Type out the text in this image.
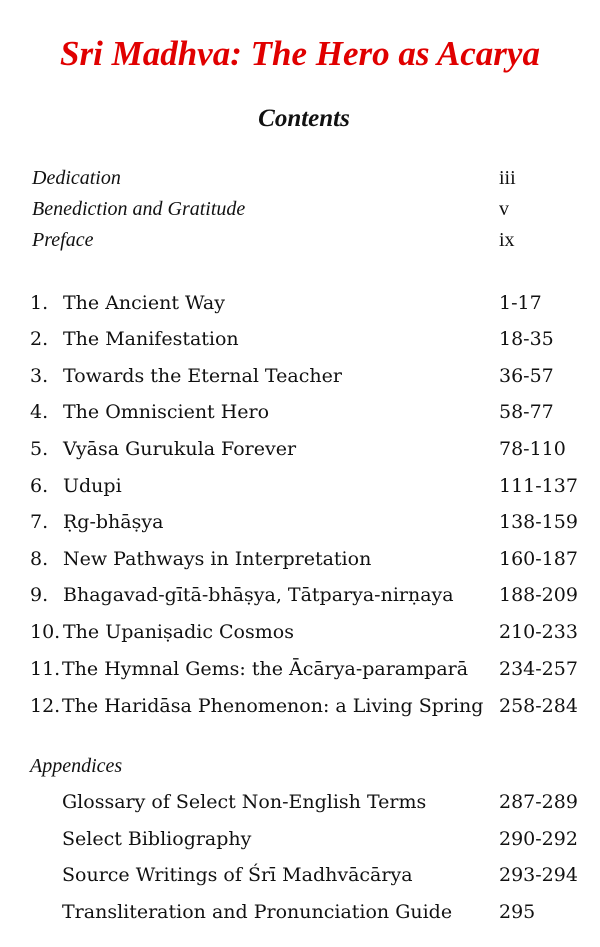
Sri Madhva: The Hero as Acarya
Contents
Dedication	iii
Benediction and Gratitude	v
Preface	ix
1. The Ancient Way	1-17
2. The Manifestation	18-35
3. Towards the Eternal Teacher	36-57
4. The Omniscient Hero	58-77
5. Vyāsa Gurukula Forever	78-110
6. Udupi	111-137
7. Ṛg-bhāṣya	138-159
8. New Pathways in Interpretation	160-187
9. Bhagavad-gītā-bhāṣya, Tātparya-nirṇaya 188-209
10. The Upaniṣadic Cosmos	210-233
11. The Hymnal Gems: the Ācārya-paramparā 234-257
12. The Haridāsa Phenomenon: a Living Spring 258-284
Appendices
Glossary of Select Non-English Terms	287-289
Select Bibliography	290-292
Source Writings of Śrī Madhvācārya	293-294
Transliteration and Pronunciation Guide 295
